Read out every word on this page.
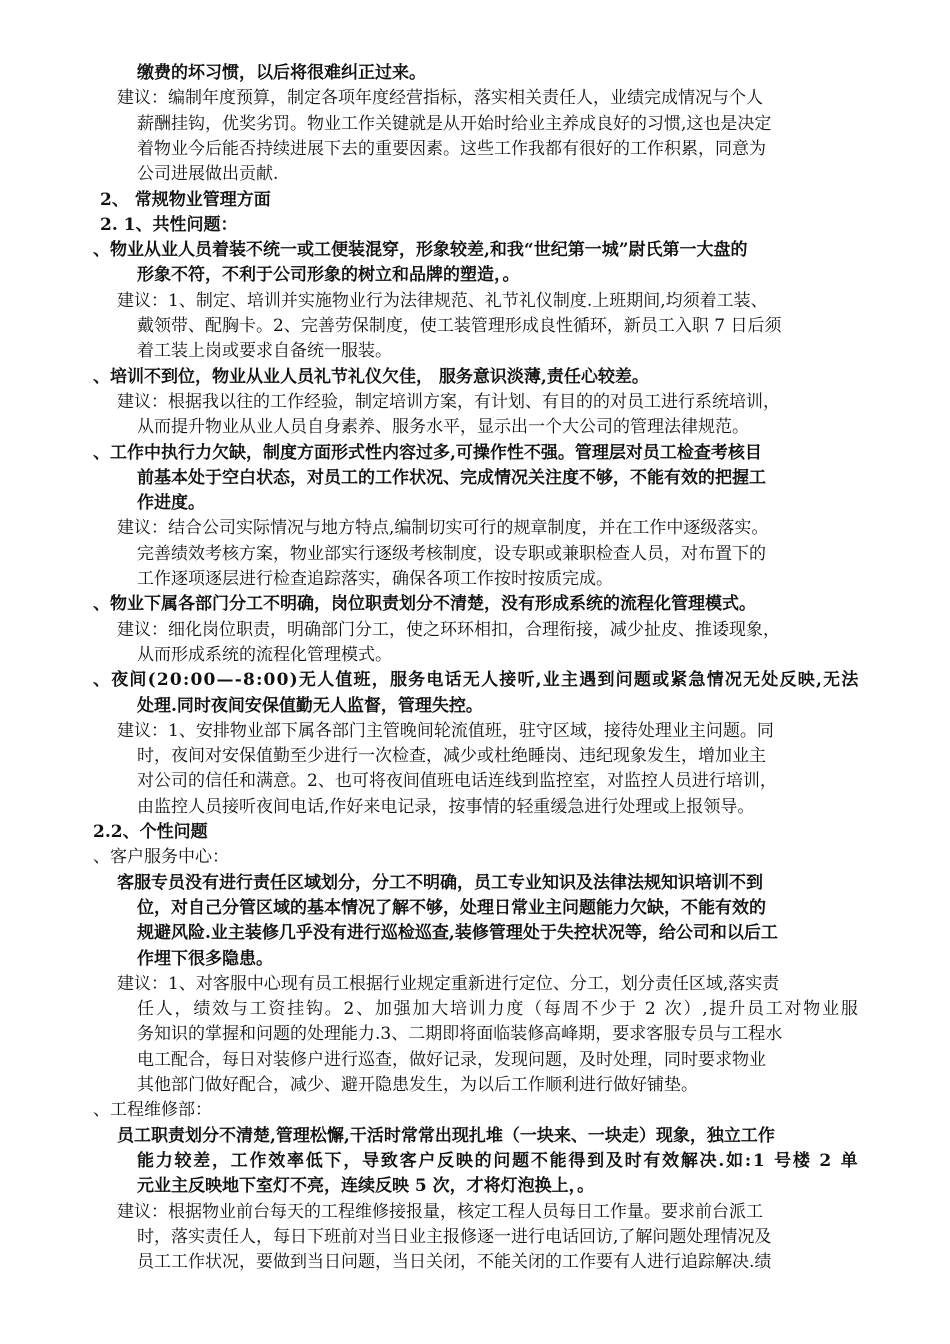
缴费的坏习惯，以后将很难纠正过来。
建议：编制年度预算，制定各项年度经营指标，落实相关责任人，业绩完成情况与个人
薪酬挂钩，优奖劣罚。物业工作关键就是从开始时给业主养成良好的习惯,这也是决定
着物业今后能否持续进展下去的重要因素。这些工作我都有很好的工作积累，同意为
公司进展做出贡献.
2、 常规物业管理方面
2. 1、共性问题：
、物业从业人员着装不统一或工便装混穿，形象较差,和我“世纪第一城”尉氏第一大盘的
形象不符，不利于公司形象的树立和品牌的塑造，。
建议：1、制定、培训并实施物业行为法律规范、礼节礼仪制度.上班期间,均须着工装、
戴领带、配胸卡。2、完善劳保制度，使工装管理形成良性循环，新员工入职 7 日后须
着工装上岗或要求自备统一服装。
、培训不到位，物业从业人员礼节礼仪欠佳， 服务意识淡薄,责任心较差。
建议：根据我以往的工作经验，制定培训方案，有计划、有目的的对员工进行系统培训，
从而提升物业从业人员自身素养、服务水平，显示出一个大公司的管理法律规范。
、工作中执行力欠缺，制度方面形式性内容过多,可操作性不强。管理层对员工检查考核目
前基本处于空白状态，对员工的工作状况、完成情况关注度不够，不能有效的把握工
作进度。
建议：结合公司实际情况与地方特点,编制切实可行的规章制度，并在工作中逐级落实。
完善绩效考核方案，物业部实行逐级考核制度，设专职或兼职检查人员，对布置下的
工作逐项逐层进行检查追踪落实，确保各项工作按时按质完成。
、物业下属各部门分工不明确，岗位职责划分不清楚，没有形成系统的流程化管理模式。
建议：细化岗位职责，明确部门分工，使之环环相扣，合理衔接，减少扯皮、推诿现象，
从而形成系统的流程化管理模式。
、夜间(20:00—-8:00)无人值班，服务电话无人接听,业主遇到问题或紧急情况无处反映,无法
处理.同时夜间安保值勤无人监督，管理失控。
建议：1、安排物业部下属各部门主管晚间轮流值班，驻守区域，接待处理业主问题。同
时，夜间对安保值勤至少进行一次检查，减少或杜绝睡岗、违纪现象发生，增加业主
对公司的信任和满意。2、也可将夜间值班电话连线到监控室，对监控人员进行培训，
由监控人员接听夜间电话,作好来电记录，按事情的轻重缓急进行处理或上报领导。
2.2、个性问题
、客户服务中心：
客服专员没有进行责任区域划分，分工不明确，员工专业知识及法律法规知识培训不到
位，对自己分管区域的基本情况了解不够，处理日常业主问题能力欠缺，不能有效的
规避风险.业主装修几乎没有进行巡检巡查,装修管理处于失控状况等，给公司和以后工
作埋下很多隐患。
建议：1、对客服中心现有员工根据行业规定重新进行定位、分工，划分责任区域,落实责
任人，绩效与工资挂钩。2、加强加大培训力度（每周不少于 2 次）,提升员工对物业服
务知识的掌握和问题的处理能力.3、二期即将面临装修高峰期，要求客服专员与工程水
电工配合，每日对装修户进行巡查，做好记录，发现问题，及时处理，同时要求物业
其他部门做好配合，减少、避开隐患发生，为以后工作顺利进行做好铺垫。
、工程维修部：
员工职责划分不清楚,管理松懈,干活时常常出现扎堆（一块来、一块走）现象，独立工作
能力较差，工作效率低下，导致客户反映的问题不能得到及时有效解决.如:1 号楼 2 单
元业主反映地下室灯不亮，连续反映 5 次，才将灯泡换上，。
建议：根据物业前台每天的工程维修接报量，核定工程人员每日工作量。要求前台派工
时，落实责任人，每日下班前对当日业主报修逐一进行电话回访,了解问题处理情况及
员工工作状况，要做到当日问题，当日关闭，不能关闭的工作要有人进行追踪解决.绩
